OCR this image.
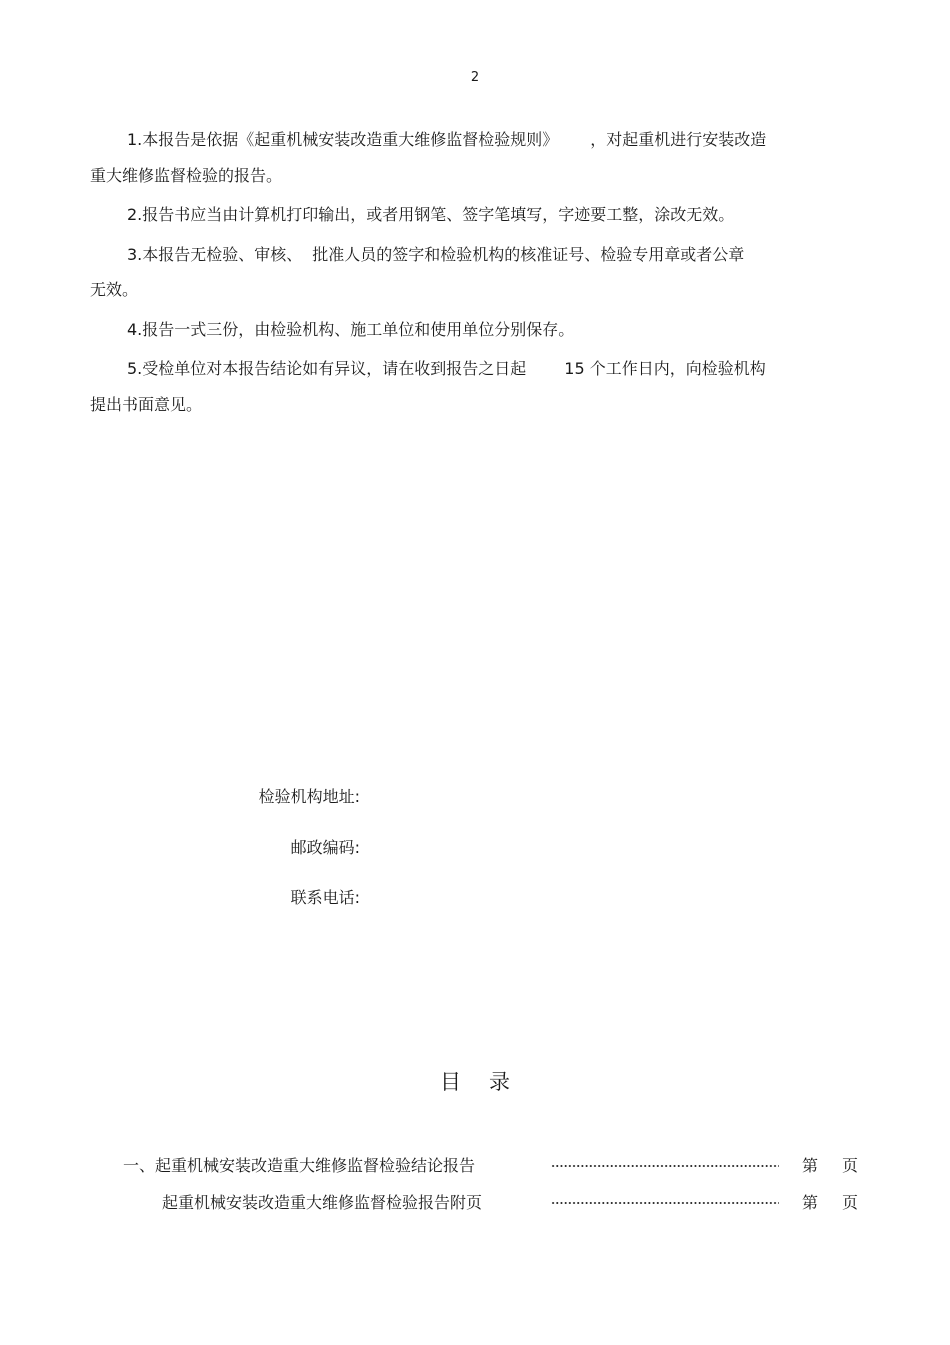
2
1.本报告是依据《起重机械安装改造重大维修监督检验规则》 ，对起重机进行安装改造
重大维修监督检验的报告。
2.报告书应当由计算机打印输出，或者用钢笔、签字笔填写，字迹要工整，涂改无效。
3.本报告无检验、审核、 批准人员的签字和检验机构的核准证号、检验专用章或者公章
无效。
4.报告一式三份，由检验机构、施工单位和使用单位分别保存。
5.受检单位对本报告结论如有异议，请在收到报告之日起 15 个工作日内，向检验机构
提出书面意见。
检验机构地址:
邮政编码:
联系电话:
目录
一、起重机械安装改造重大维修监督检验结论报告	第 页
起重机械安装改造重大维修监督检验报告附页	第 页
